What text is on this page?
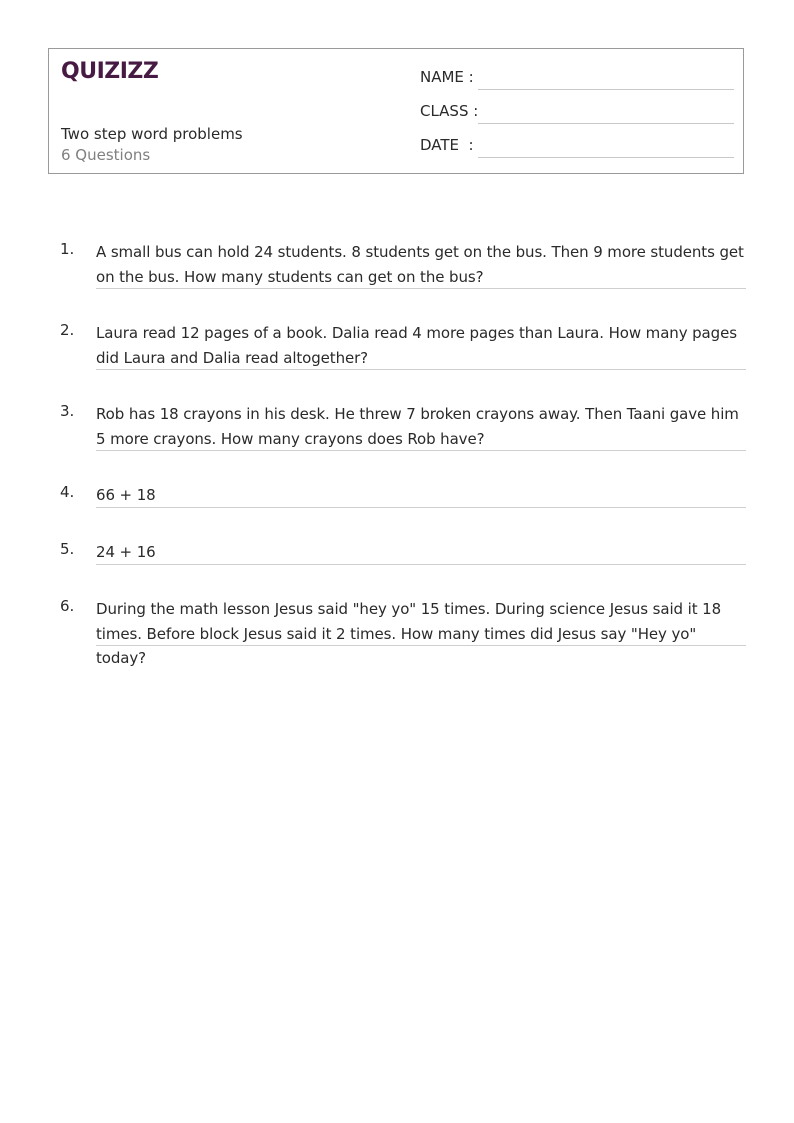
QUIZIZZ
Two step word problems
6 Questions
NAME :
CLASS :
DATE  :
1. A small bus can hold 24 students. 8 students get on the bus. Then 9 more students get on the bus. How many students can get on the bus?
2. Laura read 12 pages of a book. Dalia read 4 more pages than Laura. How many pages did Laura and Dalia read altogether?
3. Rob has 18 crayons in his desk. He threw 7 broken crayons away. Then Taani gave him 5 more crayons. How many crayons does Rob have?
4. 66 + 18
5. 24 + 16
6. During the math lesson Jesus said "hey yo" 15 times. During science Jesus said it 18 times. Before block Jesus said it 2 times. How many times did Jesus say "Hey yo" today?
